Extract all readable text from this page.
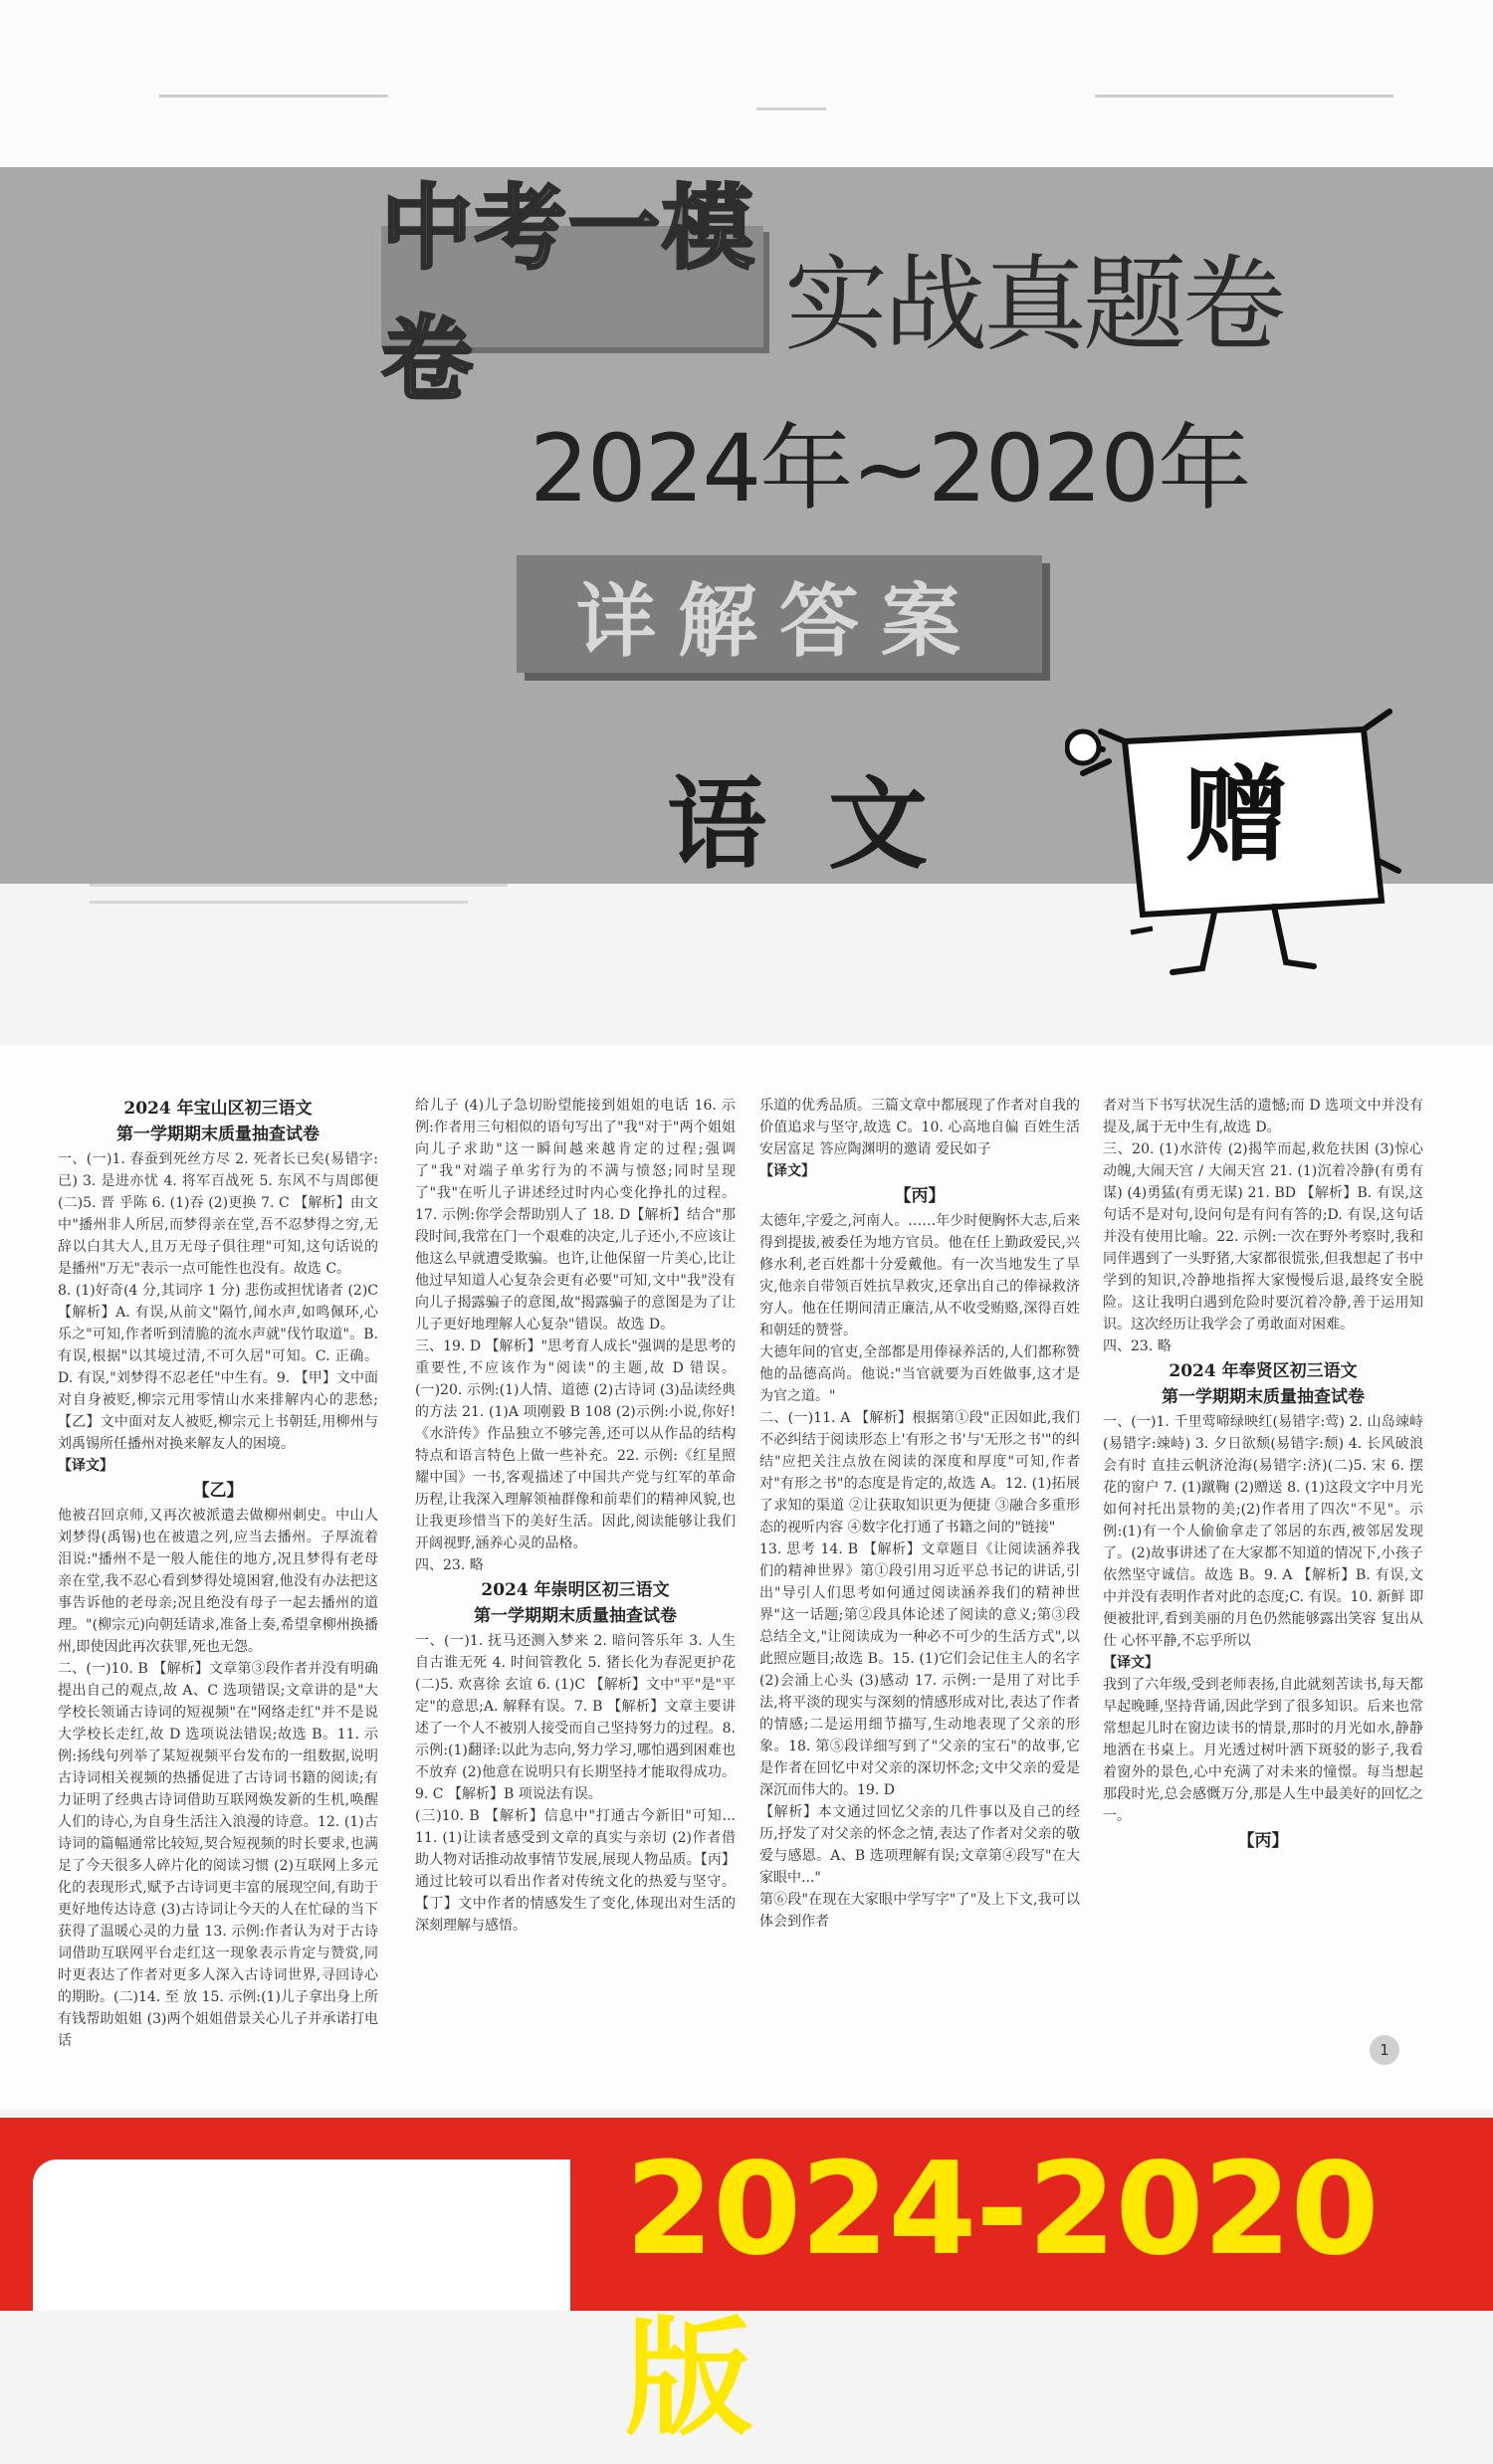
中考一模卷	实战真题卷
2024年~2020年
详解答案
语文 赠

2024 年宝山区初三语文

第一学期期末质量抽查试卷

一、(一)1. 春蚕到死丝方尽 2. 死者长已矣(易错字:已) 3. 是进亦忧 4. 将军百战死 5. 东风不与周郎便(二)5. 晋 乎陈 6. (1)吞 (2)更换 7. C 【解析】由文中"播州非人所居,而梦得亲在堂,吾不忍梦得之穷,无辞以白其大人,且万无母子俱往理"可知,这句话说的是播州"万无"表示一点可能性也没有。故选 C。

8. (1)好奇(4 分,其词序 1 分) 悲伤或担忧诸者 (2)C 【解析】A. 有误,从前文"隔竹,闻水声,如鸣佩环,心乐之"可知,作者听到清脆的流水声就"伐竹取道"。B. 有误,根据"以其境过清,不可久居"可知。C. 正确。D. 有误,"刘梦得不忍老任"中生有。9. 【甲】文中面对自身被贬,柳宗元用零情山水来排解内心的悲愁;【乙】文中面对友人被贬,柳宗元上书朝廷,用柳州与刘禹锡所任播州对换来解友人的困境。

【译文】

【乙】

他被召回京师,又再次被派遣去做柳州刺史。中山人刘梦得(禹锡)也在被遣之列,应当去播州。子厚流着泪说:"播州不是一般人能住的地方,况且梦得有老母亲在堂,我不忍心看到梦得处境困窘,他没有办法把这事告诉他的老母亲;况且绝没有母子一起去播州的道理。"(柳宗元)向朝廷请求,准备上奏,希望拿柳州换播州,即使因此再次获罪,死也无怨。

二、(一)10. B 【解析】文章第③段作者并没有明确提出自己的观点,故 A、C 选项错误;文章讲的是"大学校长领诵古诗词的短视频"在"网络走红"并不是说大学校长走红,故 D 选项说法错误;故选 B。11. 示例:扬线句列举了某短视频平台发布的一组数据,说明古诗词相关视频的热播促进了古诗词书籍的阅读;有力证明了经典古诗词借助互联网焕发新的生机,唤醒人们的诗心,为自身生活注入浪漫的诗意。12. (1)古诗词的篇幅通常比较短,契合短视频的时长要求,也满足了今天很多人碎片化的阅读习惯 (2)互联网上多元化的表现形式,赋予古诗词更丰富的展现空间,有助于更好地传达诗意 (3)古诗词让今天的人在忙碌的当下获得了温暖心灵的力量 13. 示例:作者认为对于古诗词借助互联网平台走红这一现象表示肯定与赞赏,同时更表达了作者对更多人深入古诗词世界,寻回诗心的期盼。(二)14. 至 放 15. 示例:(1)儿子拿出身上所有钱帮助姐姐 (3)两个姐姐借景关心儿子并承诺打电话

给儿子 (4)儿子急切盼望能接到姐姐的电话 16. 示例:作者用三句相似的语句写出了"我"对于"两个姐姐向儿子求助"这一瞬间越来越肯定的过程;强调了"我"对端子单劣行为的不满与愤怒;同时呈现了"我"在听儿子讲述经过时内心变化挣扎的过程。17. 示例:你学会帮助别人了 18. D【解析】结合"那段时间,我常在门一个艰难的决定,儿子还小,不应该让他这么早就遭受欺骗。也许,让他保留一片美心,比让他过早知道人心复杂会更有必要"可知,文中"我"没有向儿子揭露骗子的意图,故"揭露骗子的意图是为了让儿子更好地理解人心复杂"错误。故选 D。

三、19. D 【解析】"思考育人成长"强调的是思考的重要性,不应该作为"阅读"的主题,故 D 错误。(一)20. 示例:(1)人情、道德 (2)古诗词 (3)品读经典的方法 21. (1)A 项刚毅 B 108 (2)示例:小说,你好!《水浒传》作品独立不够完善,还可以从作品的结构特点和语言特色上做一些补充。22. 示例:《红星照耀中国》一书,客观描述了中国共产党与红军的革命历程,让我深入理解领袖群像和前辈们的精神风貌,也让我更珍惜当下的美好生活。因此,阅读能够让我们开阔视野,涵养心灵的品格。

四、23. 略

2024 年崇明区初三语文

第一学期期末质量抽查试卷

一、(一)1. 抚马还测入梦来 2. 暗问答乐年 3. 人生自古谁无死 4. 时间管教化 5. 猪长化为春泥更护花 (二)5. 欢喜徐 玄谊 6. (1)C 【解析】文中"平"是"平定"的意思;A. 解释有误。7. B 【解析】文章主要讲述了一个人不被别人接受而自己坚持努力的过程。8. 示例:(1)翻译:以此为志向,努力学习,哪怕遇到困难也不放弃 (2)他意在说明只有长期坚持才能取得成功。9. C 【解析】B 项说法有误。

(三)10. B 【解析】信息中"打通古今新旧"可知... 11. (1)让读者感受到文章的真实与亲切 (2)作者借助人物对话推动故事情节发展,展现人物品质。【丙】通过比较可以看出作者对传统文化的热爱与坚守。【丁】文中作者的情感发生了变化,体现出对生活的深刻理解与感悟。

乐道的优秀品质。三篇文章中都展现了作者对自我的价值追求与坚守,故选 C。10. 心高地自偏 百姓生活安居富足 答应陶渊明的邀请 爱民如子

【译文】

【丙】

太德年,字爱之,河南人。……年少时便胸怀大志,后来得到提拔,被委任为地方官员。他在任上勤政爱民,兴修水利,老百姓都十分爱戴他。有一次当地发生了旱灾,他亲自带领百姓抗旱救灾,还拿出自己的俸禄救济穷人。他在任期间清正廉洁,从不收受贿赂,深得百姓和朝廷的赞誉。

大德年间的官吏,全部都是用俸禄养活的,人们都称赞他的品德高尚。他说:"当官就要为百姓做事,这才是为官之道。"

二、(一)11. A 【解析】根据第①段"正因如此,我们不必纠结于阅读形态上'有形之书'与'无形之书'"的纠结"应把关注点放在阅读的深度和厚度"可知,作者对"有形之书"的态度是肯定的,故选 A。12. (1)拓展了求知的渠道 ②让获取知识更为便捷 ③融合多重形态的视听内容 ④数字化打通了书籍之间的"链接"

13. 思考 14. B 【解析】文章题目《让阅读涵养我们的精神世界》第①段引用习近平总书记的讲话,引出"导引人们思考如何通过阅读涵养我们的精神世界"这一话题;第②段具体论述了阅读的意义;第③段总结全文,"让阅读成为一种必不可少的生活方式",以此照应题目;故选 B。15. (1)它们会记住主人的名字 (2)会涌上心头 (3)感动 17. 示例:一是用了对比手法,将平淡的现实与深刻的情感形成对比,表达了作者的情感;二是运用细节描写,生动地表现了父亲的形象。18. 第⑤段详细写到了"父亲的宝石"的故事,它是作者在回忆中对父亲的深切怀念;文中父亲的爱是深沉而伟大的。19. D

【解析】本文通过回忆父亲的几件事以及自己的经历,抒发了对父亲的怀念之情,表达了作者对父亲的敬爱与感恩。A、B 选项理解有误;文章第④段写"在大家眼中..."

第⑥段"在现在大家眼中学写字"了"及上下文,我可以体会到作者

者对当下书写状况生活的遗憾;而 D 选项文中并没有提及,属于无中生有,故选 D。

三、20. (1)水浒传 (2)揭竿而起,救危扶困 (3)惊心动魄,大闹天宫 / 大闹天宫 21. (1)沉着冷静(有勇有谋) (4)勇猛(有勇无谋) 21. BD 【解析】B. 有误,这句话不是对句,设问句是有问有答的;D. 有误,这句话并没有使用比喻。22. 示例:一次在野外考察时,我和同伴遇到了一头野猪,大家都很慌张,但我想起了书中学到的知识,冷静地指挥大家慢慢后退,最终安全脱险。这让我明白遇到危险时要沉着冷静,善于运用知识。这次经历让我学会了勇敢面对困难。

四、23. 略

2024 年奉贤区初三语文

第一学期期末质量抽查试卷

一、(一)1. 千里莺啼绿映红(易错字:莺) 2. 山岛竦峙(易错字:竦峙) 3. 夕日欲颓(易错字:颓) 4. 长风破浪会有时 直挂云帆济沧海(易错字:济)(二)5. 宋 6. 摆花的窗户 7. (1)蹴鞠 (2)赠送 8. (1)这段文字中月光如何衬托出景物的美;(2)作者用了四次"不见"。示例:(1)有一个人偷偷拿走了邻居的东西,被邻居发现了。(2)故事讲述了在大家都不知道的情况下,小孩子依然坚守诚信。故选 B。9. A 【解析】B. 有误,文中并没有表明作者对此的态度;C. 有误。10. 新鲜 即便被批评,看到美丽的月色仍然能够露出笑容 复出从仕 心怀平静,不忘乎所以

【译文】

我到了六年级,受到老师表扬,自此就刻苦读书,每天都早起晚睡,坚持背诵,因此学到了很多知识。后来也常常想起儿时在窗边读书的情景,那时的月光如水,静静地洒在书桌上。月光透过树叶洒下斑驳的影子,我看着窗外的景色,心中充满了对未来的憧憬。每当想起那段时光,总会感慨万分,那是人生中最美好的回忆之一。

【丙】

1
2024-2020版
